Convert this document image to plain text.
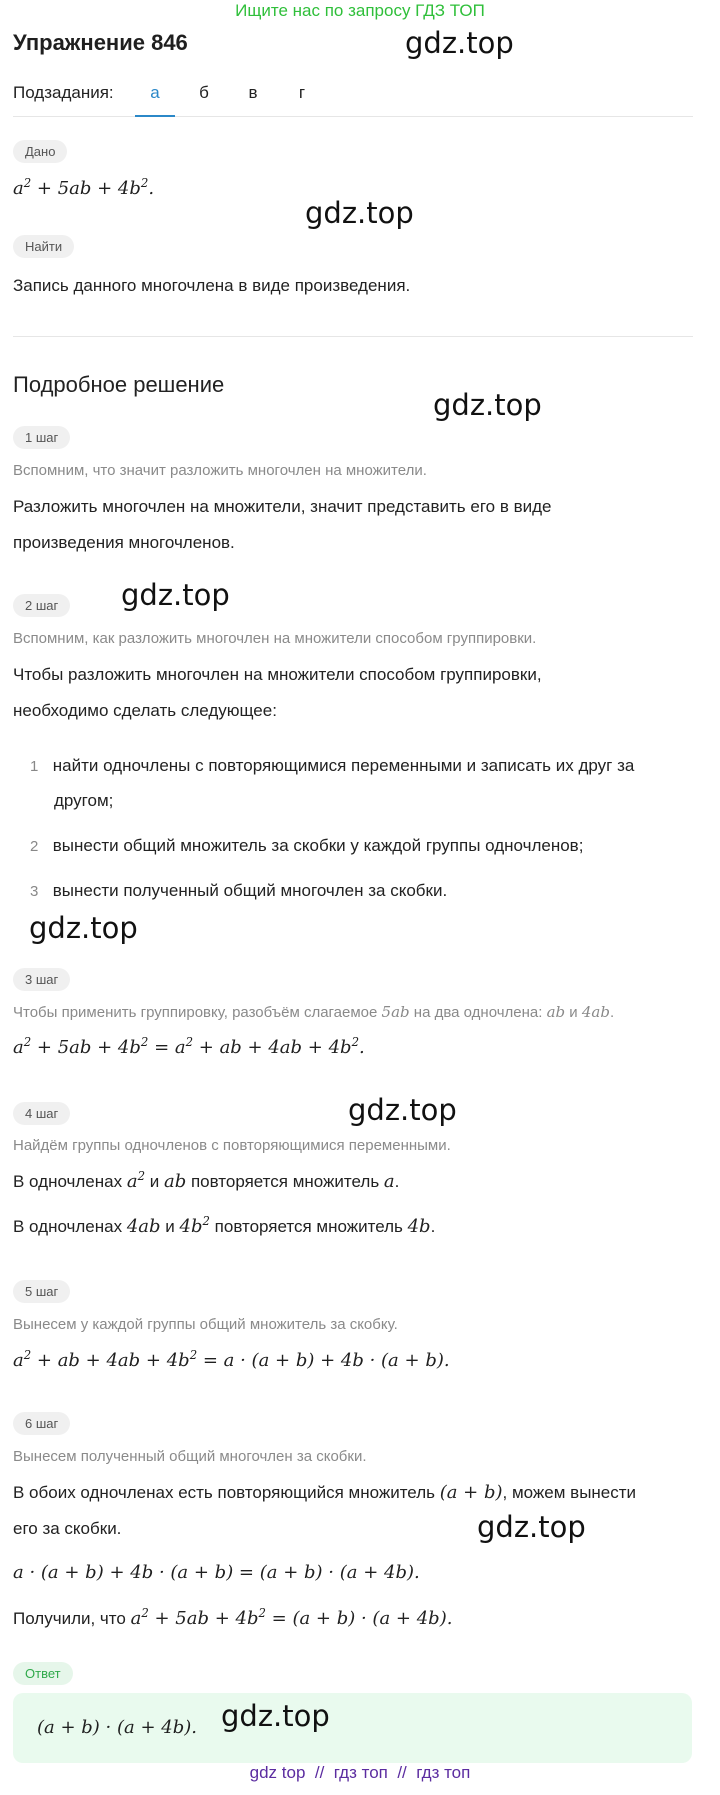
Ищите нас по запросу ГДЗ ТОП
Упражнение 846	gdz.top
Подзадания:	а	б	в	г
Дано
$a^2 + 5ab + 4b^2$.
gdz.top
Найти
Запись данного многочлена в виде произведения.
Подробное решение
gdz.top
1 шаг
Вспомним, что значит разложить многочлен на множители.
Разложить многочлен на множители, значит представить его в виде
произведения многочленов.
2 шаг	gdz.top
Вспомним, как разложить многочлен на множители способом группировки.
Чтобы разложить многочлен на множители способом группировки,
необходимо сделать следующее:
1 найти одночлены с повторяющимися переменными и записать их друг за
другом;
2 вынести общий множитель за скобки у каждой группы одночленов;
3 вынести полученный общий многочлен за скобки.
gdz.top
3 шаг
Чтобы применить группировку, разобъём слагаемое 5ab на два одночлена: ab и 4ab.
$a^2 + 5ab + 4b^2 = a^2$ + ab + $4ab + 4b^2$.
4 шаг	gdz.top
Найдём группы одночленов с повторяющимися переменными.
В одночленах $a^2$ и ab повторяется множитель a.
В одночленах 4ab и $4b^2$ повторяется множитель 4b.
5 шаг
Вынесем у каждой группы общий множитель за скобку.
$a^2$ + ab + $4ab + 4b^2 = a \cdot (a + b) + 4b \cdot (a + b)$.
6 шаг
Вынесем полученный общий многочлен за скобки.
В обоих одночленах есть повторяющийся множитель (a + b), можем вынести
его за скобки.	gdz.top
a · (a + b) + 4b · (a + b) = (a + b) · (a + 4b).
Получили, что $a^2 + 5ab + 4b^2 = (a + b) \cdot (a + 4b)$.
Ответ
(a + b) · (a + 4b). gdz.top
gdz top  //  гдз топ  //  гдз топ
